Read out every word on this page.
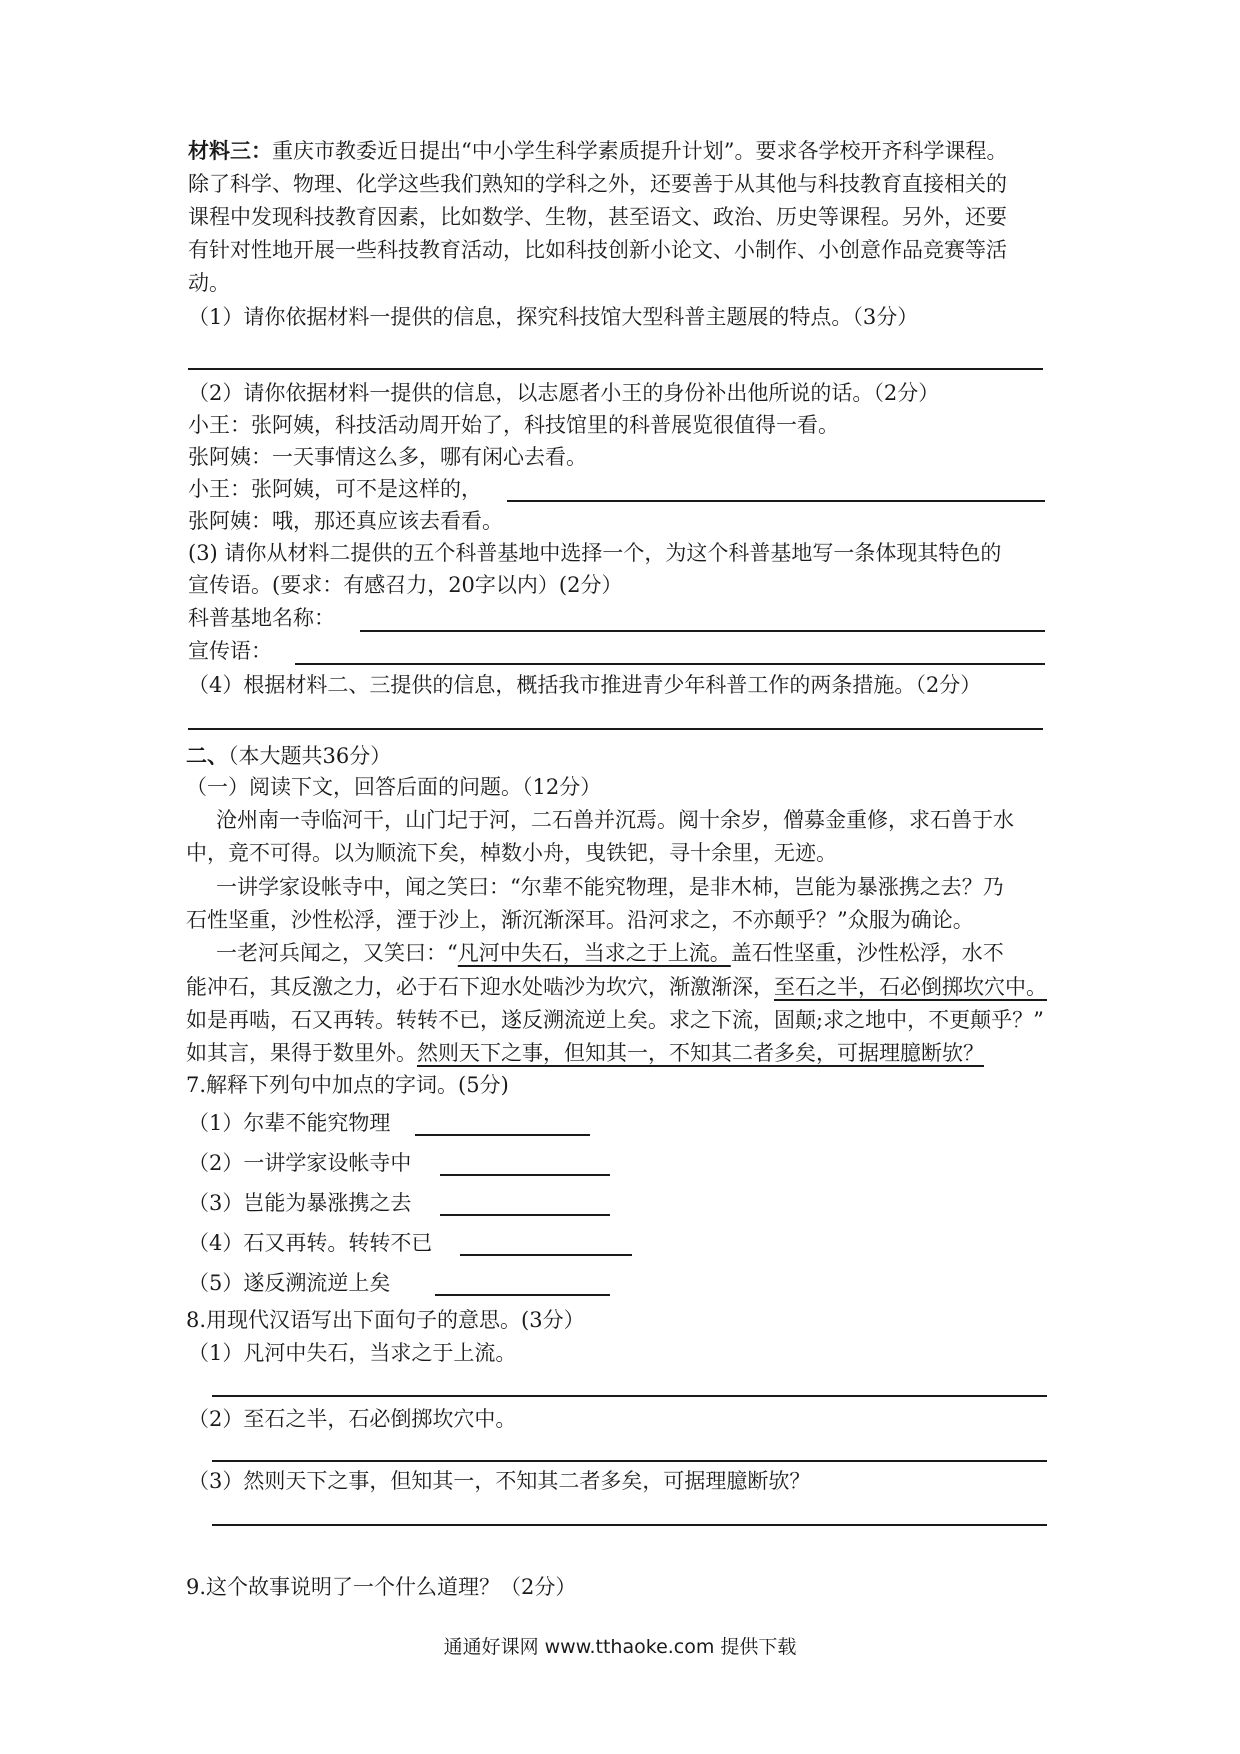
材料三：重庆市教委近日提出“中小学生科学素质提升计划”。要求各学校开齐科学课程。
除了科学、物理、化学这些我们熟知的学科之外，还要善于从其他与科技教育直接相关的
课程中发现科技教育因素，比如数学、生物，甚至语文、政治、历史等课程。另外，还要
有针对性地开展一些科技教育活动，比如科技创新小论文、小制作、小创意作品竞赛等活
动。
（1）请你依据材料一提供的信息，探究科技馆大型科普主题展的特点。（3分）
（2）请你依据材料一提供的信息，以志愿者小王的身份补出他所说的话。（2分）
小王：张阿姨，科技活动周开始了，科技馆里的科普展览很值得一看。
张阿姨：一天事情这么多，哪有闲心去看。
小王：张阿姨，可不是这样的，
张阿姨：哦，那还真应该去看看。
(3) 请你从材料二提供的五个科普基地中选择一个，为这个科普基地写一条体现其特色的
宣传语。(要求：有感召力，20字以内）(2分）
科普基地名称：
宣传语：
（4）根据材料二、三提供的信息，概括我市推进青少年科普工作的两条措施。（2分）
二、（本大题共36分）
（一）阅读下文，回答后面的问题。（12分）
沧州南一寺临河干，山门圮于河，二石兽并沉焉。阅十余岁，僧募金重修，求石兽于水
中，竟不可得。以为顺流下矣，棹数小舟，曳铁钯，寻十余里，无迹。
一讲学家设帐寺中，闻之笑曰：“尔辈不能究物理，是非木杮，岂能为暴涨携之去？乃
石性坚重，沙性松浮，湮于沙上，渐沉渐深耳。沿河求之，不亦颠乎？”众服为确论。
一老河兵闻之，又笑曰：“凡河中失石，当求之于上流。盖石性坚重，沙性松浮，水不
能冲石，其反激之力，必于石下迎水处啮沙为坎穴，渐激渐深，至石之半，石必倒掷坎穴中。
如是再啮，石又再转。转转不已，遂反溯流逆上矣。求之下流，固颠;求之地中，不更颠乎？”
如其言，果得于数里外。然则天下之事，但知其一，不知其二者多矣，可据理臆断欤？
7.解释下列句中加点的字词。(5分)
（1）尔辈不能究物理
（2）一讲学家设帐寺中
（3）岂能为暴涨携之去
（4）石又再转。转转不已
（5）遂反溯流逆上矣
8.用现代汉语写出下面句子的意思。(3分）
（1）凡河中失石，当求之于上流。
（2）至石之半，石必倒掷坎穴中。
（3）然则天下之事，但知其一，不知其二者多矣，可据理臆断欤？
9.这个故事说明了一个什么道理？（2分）
通通好课网 www.tthaoke.com 提供下载
